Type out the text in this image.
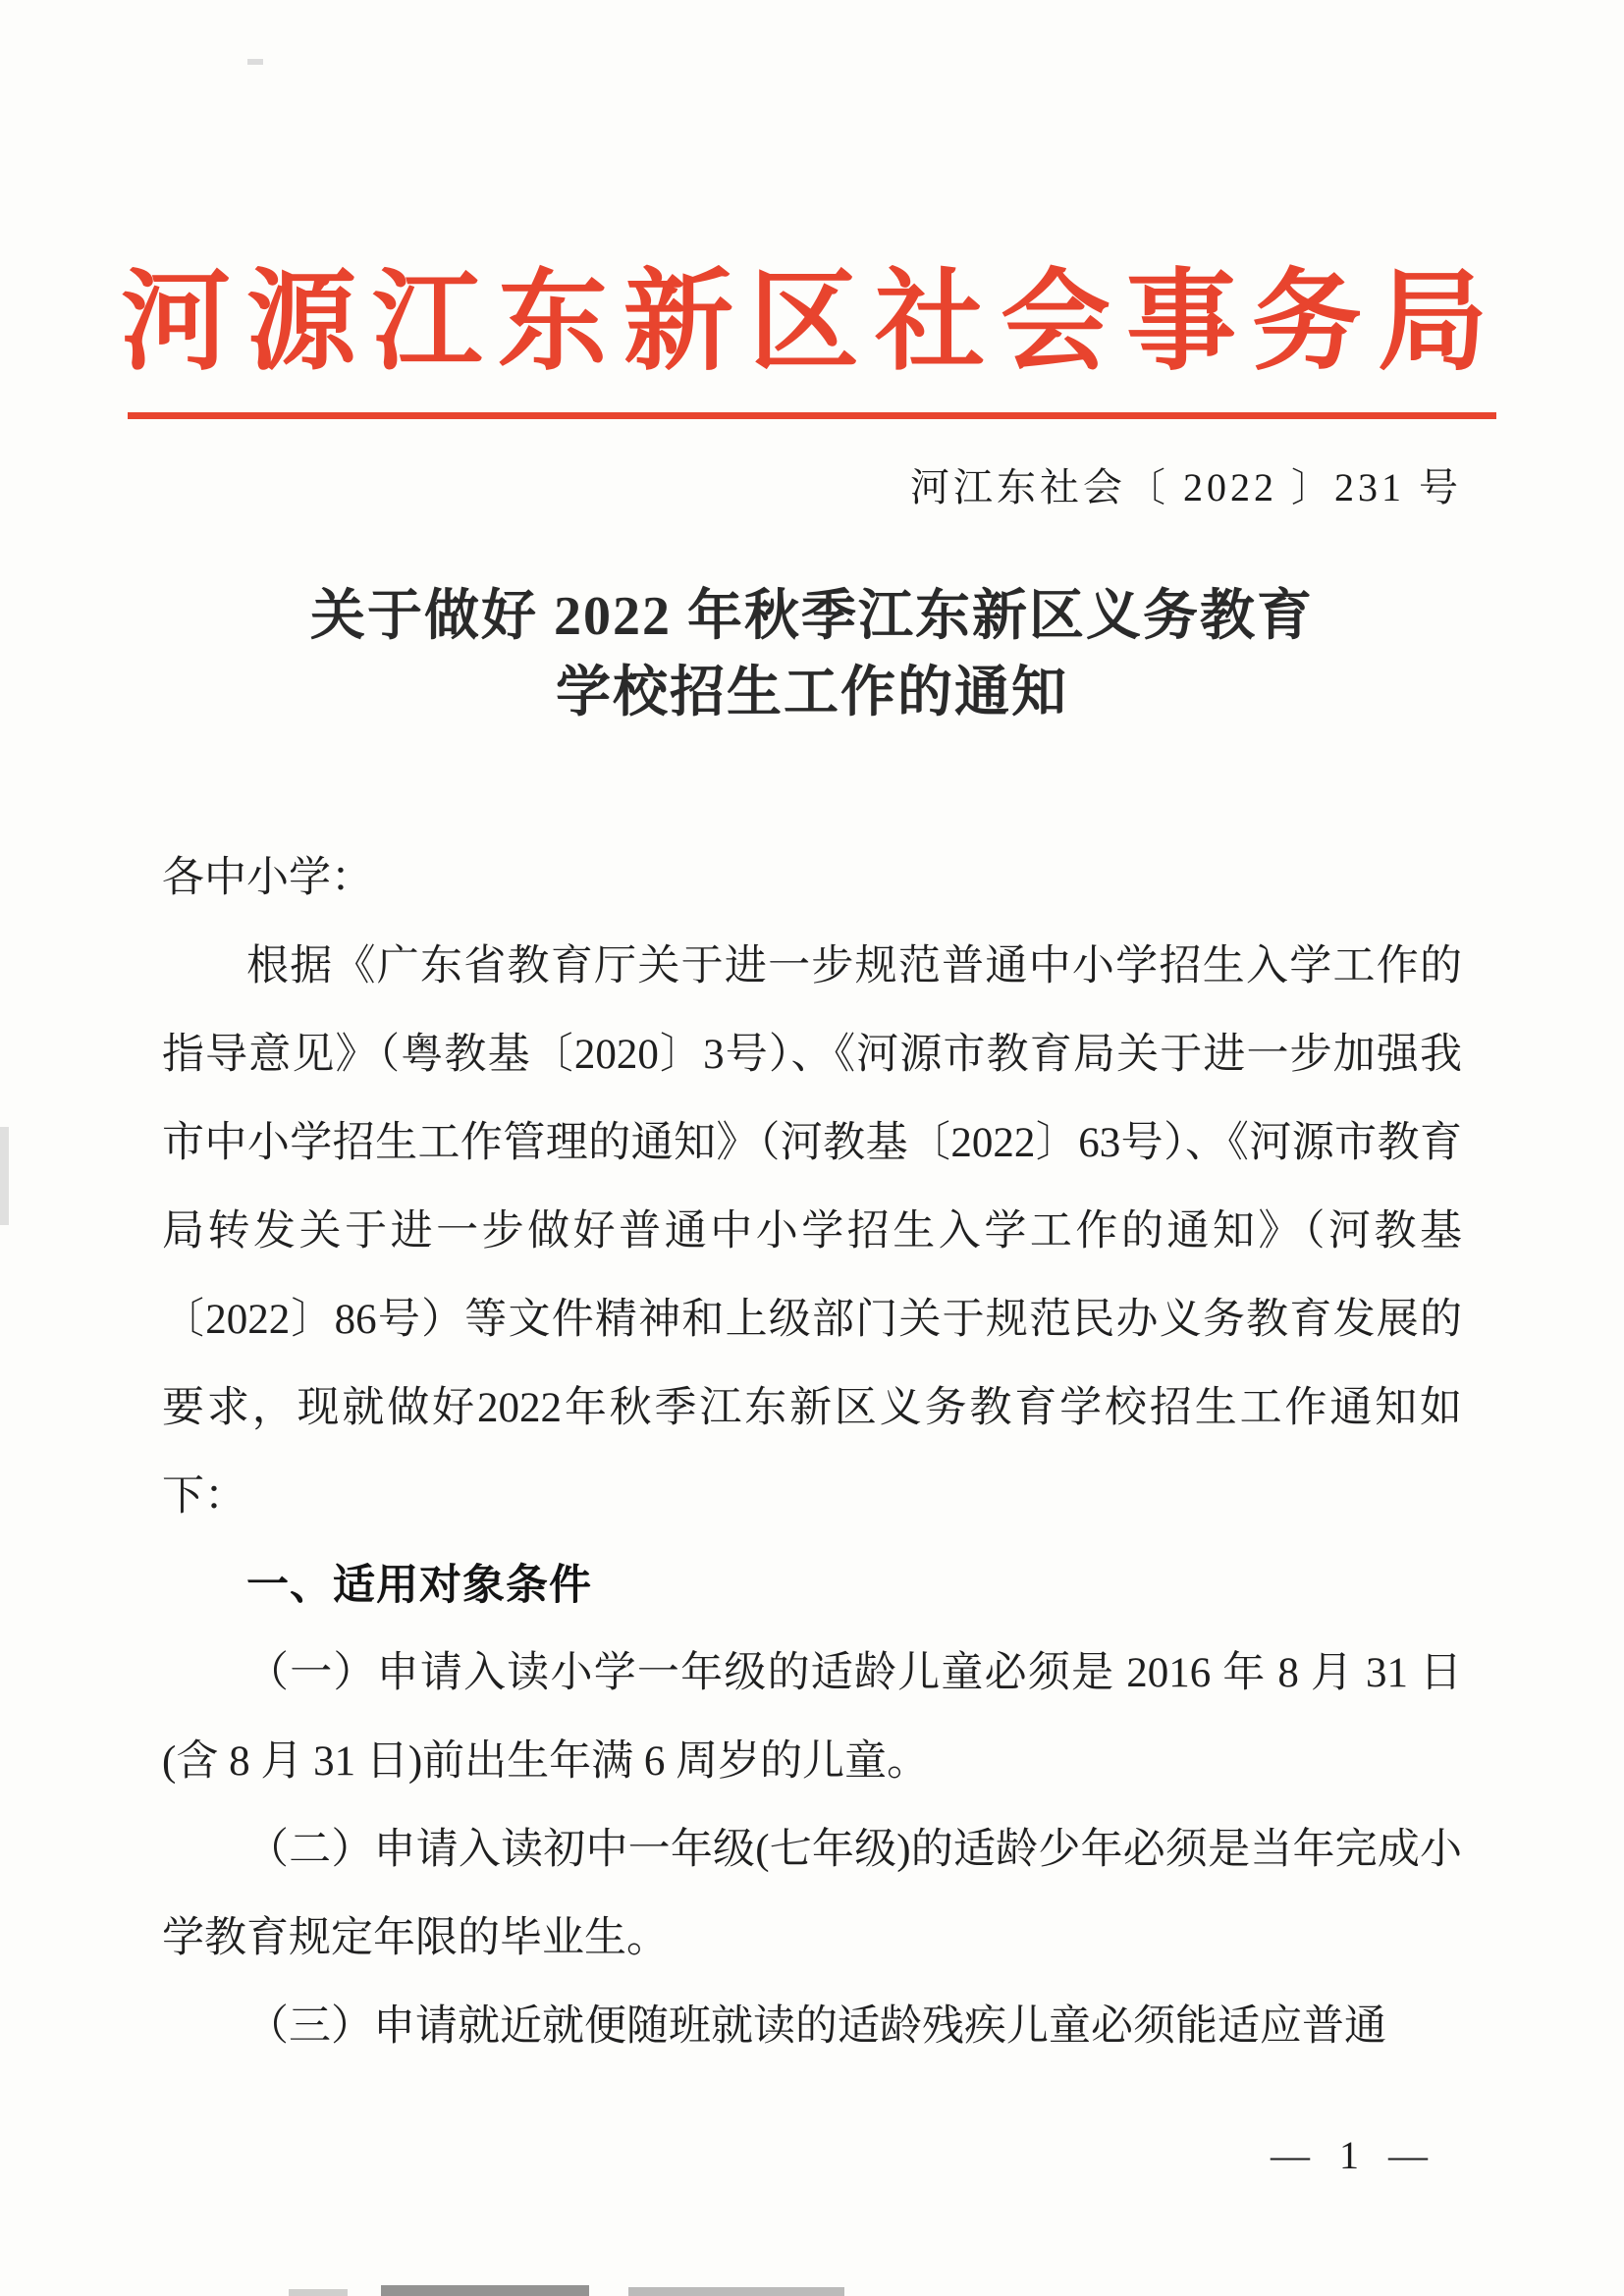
河源江东新区社会事务局
河江东社会〔 2022 〕231 号
关于做好 2022 年秋季江东新区义务教育
学校招生工作的通知

各中小学：

根据《广东省教育厅关于进一步规范普通中小学招生入学工作的指导意见》（粤教基〔2020〕3号）、《河源市教育局关于进一步加强我市中小学招生工作管理的通知》（河教基〔2022〕63号）、《河源市教育局转发关于进一步做好普通中小学招生入学工作的通知》（河教基〔2022〕86号）等文件精神和上级部门关于规范民办义务教育发展的要求，现就做好2022年秋季江东新区义务教育学校招生工作通知如下：

一、适用对象条件

（一）申请入读小学一年级的适龄儿童必须是 2016 年 8 月 31 日(含 8 月 31 日)前出生年满 6 周岁的儿童。

（二）申请入读初中一年级(七年级)的适龄少年必须是当年完成小学教育规定年限的毕业生。

（三）申请就近就便随班就读的适龄残疾儿童必须能适应普通

— 1 —
